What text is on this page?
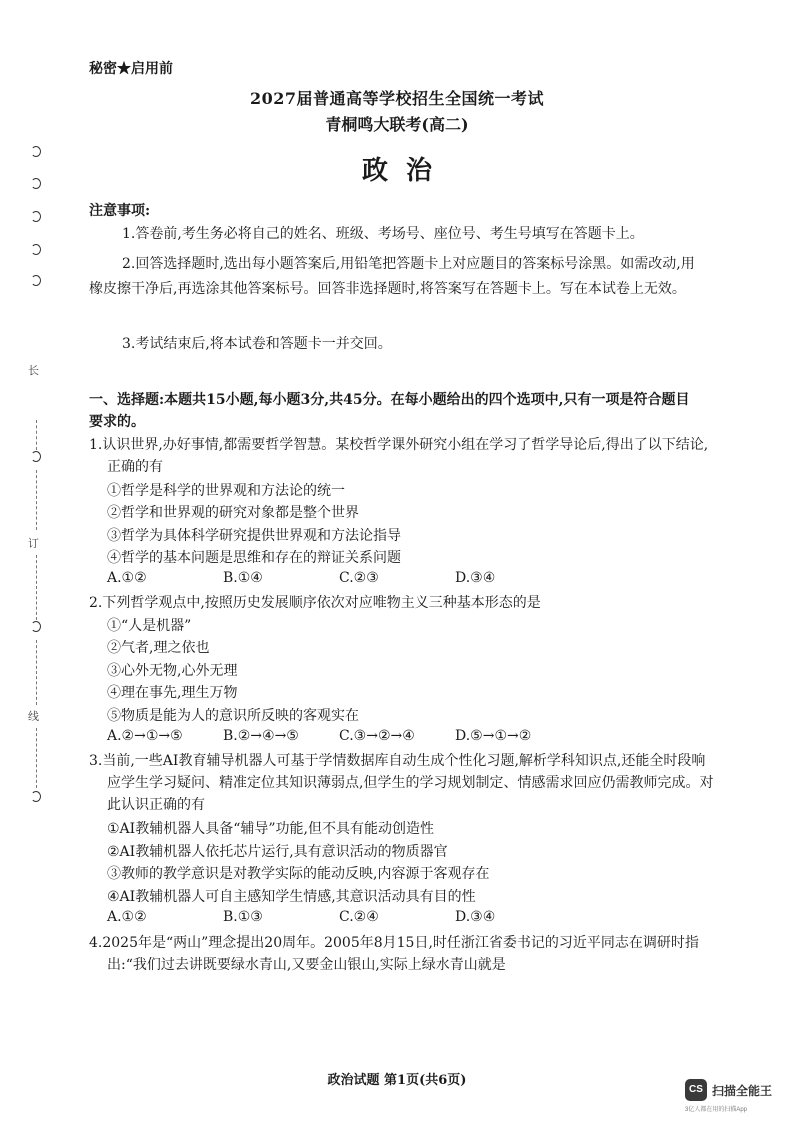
长
订
线
秘密★启用前
2027届普通高等学校招生全国统一考试
青桐鸣大联考(高二)
政治
注意事项:
1.答卷前,考生务必将自己的姓名、班级、考场号、座位号、考生号填写在答题卡上。
2.回答选择题时,选出每小题答案后,用铅笔把答题卡上对应题目的答案标号涂黑。如需改动,用橡皮擦干净后,再选涂其他答案标号。回答非选择题时,将答案写在答题卡上。写在本试卷上无效。
3.考试结束后,将本试卷和答题卡一并交回。
一、选择题:本题共15小题,每小题3分,共45分。在每小题给出的四个选项中,只有一项是符合题目要求的。
1.认识世界,办好事情,都需要哲学智慧。某校哲学课外研究小组在学习了哲学导论后,得出了以下结论,正确的有
①哲学是科学的世界观和方法论的统一
②哲学和世界观的研究对象都是整个世界
③哲学为具体科学研究提供世界观和方法论指导
④哲学的基本问题是思维和存在的辩证关系问题
A.①②	B.①④	C.②③	D.③④
2.下列哲学观点中,按照历史发展顺序依次对应唯物主义三种基本形态的是
①“人是机器”
②气者,理之依也
③心外无物,心外无理
④理在事先,理生万物
⑤物质是能为人的意识所反映的客观实在
A.②→①→⑤	B.②→④→⑤	C.③→②→④	D.⑤→①→②
3.当前,一些AI教育辅导机器人可基于学情数据库自动生成个性化习题,解析学科知识点,还能全时段响应学生学习疑问、精准定位其知识薄弱点,但学生的学习规划制定、情感需求回应仍需教师完成。对此认识正确的有
①AI教辅机器人具备“辅导”功能,但不具有能动创造性
②AI教辅机器人依托芯片运行,具有意识活动的物质器官
③教师的教学意识是对教学实际的能动反映,内容源于客观存在
④AI教辅机器人可自主感知学生情感,其意识活动具有目的性
A.①②	B.①③	C.②④	D.③④
4.2025年是“两山”理念提出20周年。2005年8月15日,时任浙江省委书记的习近平同志在调研时指出:“我们过去讲既要绿水青山,又要金山银山,实际上绿水青山就是
政治试题 第1页(共6页)
CS 扫描全能王
3亿人都在用的扫描App
